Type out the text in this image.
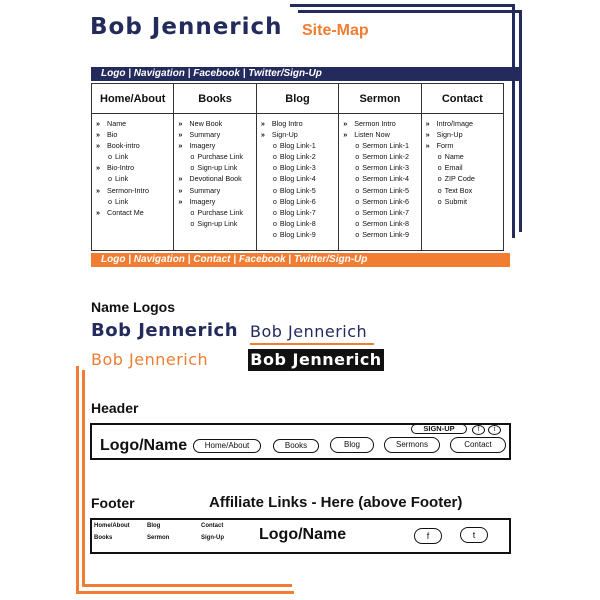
Bob Jennerich Site-Map
Logo | Navigation | Facebook | Twitter/Sign-Up
Home/About
» Name
» Bio
» Book-intro
o Link
» Bio-Intro
o Link
» Sermon-Intro
o Link
» Contact Me
Books
» New Book
» Summary
» Imagery
o Purchase Link
o Sign-up Link
» Devotional Book
» Summary
» Imagery
o Purchase Link
o Sign-up Link
Blog
» Blog Intro
» Sign-Up
o Blog Link-1
o Blog Link-2
o Blog Link-3
o Blog Link-4
o Blog Link-5
o Blog Link-6
o Blog Link-7
o Blog Link-8
o Blog Link-9
Sermon
» Sermon Intro
» Listen Now
o Sermon Link-1
o Sermon Link-2
o Sermon Link-3
o Sermon Link-4
o Sermon Link-5
o Sermon Link-6
o Sermon Link-7
o Sermon Link-8
o Sermon Link-9
Contact
» Intro/Image
» Sign-Up
» Form
o Name
o Email
o ZIP Code
o Text Box
o Submit
Logo | Navigation | Contact | Facebook | Twitter/Sign-Up
Name Logos
Bob Jennerich Bob Jennerich
Bob Jennerich	Bob Jennerich
Header
Logo/Name
SIGN-UP	f	t
Home/About	Books	Blog	Sermons	Contact
Footer	Affiliate Links - Here (above Footer)
Home/About	Blog	Contact
Books	Sermon	Sign-Up Logo/Name	f	t
